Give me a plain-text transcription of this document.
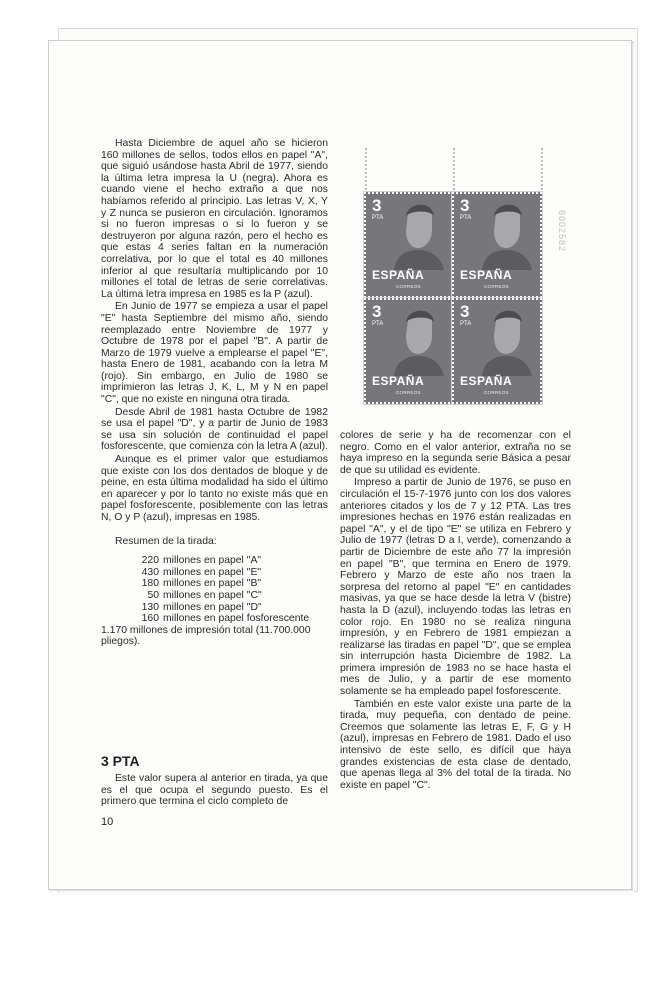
Hasta Diciembre de aquel año se hicieron 160 millones de sellos, todos ellos en papel "A", que siguió usándose hasta Abril de 1977, siendo la última letra impresa la U (negra). Ahora es cuando viene el hecho extraño a que nos habíamos referido al principio. Las letras V, X, Y y Z nunca se pusieron en circulación. Ignoramos si no fueron impresas o si lo fueron y se destruyeron por alguna razón, pero el hecho es que estas 4 series faltan en la numeración correlativa, por lo que el total es 40 millones inferior al que resultaría multiplicando por 10 millones el total de letras de serie correlativas. La última letra impresa en 1985 es la P (azul).

En Junio de 1977 se empieza a usar el papel "E" hasta Septiembre del mismo año, siendo reemplazado entre Noviembre de 1977 y Octubre de 1978 por el papel "B". A partir de Marzo de 1979 vuelve a emplearse el papel "E", hasta Enero de 1981, acabando con la letra M (rojo). Sin embargo, en Julio de 1980 se imprimieron las letras J, K, L, M y N en papel "C", que no existe en ninguna otra tirada.

Desde Abril de 1981 hasta Octubre de 1982 se usa el papel "D", y a partir de Junio de 1983 se usa sin solución de continuidad el papel fosforescente, que comienza con la letra A (azul).

Aunque es el primer valor que estudiamos que existe con los dos dentados de bloque y de peine, en esta última modalidad ha sido el último en aparecer y por lo tanto no existe más que en papel fosforescente, posiblemente con las letras N, O y P (azul), impresas en 1985.

Resumen de la tirada:
220 millones en papel "A"
430 millones en papel "E"
180 millones en papel "B"
50 millones en papel "C"
130 millones en papel "D"
160 millones en papel fosforescente
1.170 millones de impresión total (11.700.000 pliegos).
3 PTA

Este valor supera al anterior en tirada, ya que es el que ocupa el segundo puesto. Es el primero que termina el ciclo completo de

10
3
PTA
ESPAÑA
CORREOS
3
PTA
ESPAÑA
CORREOS
3
PTA
ESPAÑA
CORREOS
3
PTA
ESPAÑA
CORREOS
6002582

colores de serie y ha de recomenzar con el negro. Como en el valor anterior, extraña no se haya impreso en la segunda serie Básica a pesar de que su utilidad es evidente.

Impreso a partir de Junio de 1976, se puso en circulación el 15-7-1976 junto con los dos valores anteriores citados y los de 7 y 12 PTA. Las tres impresiones hechas en 1976 están realizadas en papel "A", y el de tipo "E" se utiliza en Febrero y Julio de 1977 (letras D a I, verde), comenzando a partir de Diciembre de este año 77 la impresión en papel "B", que termina en Enero de 1979. Febrero y Marzo de este año nos traen la sorpresa del retorno al papel "E" en cantidades masivas, ya que se hace desde la letra V (bistre) hasta la D (azul), incluyendo todas las letras en color rojo. En 1980 no se realiza ninguna impresión, y en Febrero de 1981 empiezan a realizarse las tiradas en papel "D", que se emplea sin interrupción hasta Diciembre de 1982. La primera impresión de 1983 no se hace hasta el mes de Julio, y a partir de ese momento solamente se ha empleado papel fosforescente.

También en este valor existe una parte de la tirada, muy pequeña, con dentado de peine. Creemos que solamente las letras E, F, G y H (azul), impresas en Febrero de 1981. Dado el uso intensivo de este sello, es difícil que haya grandes existencias de esta clase de dentado, que apenas llega al 3% del total de la tirada. No existe en papel "C".
